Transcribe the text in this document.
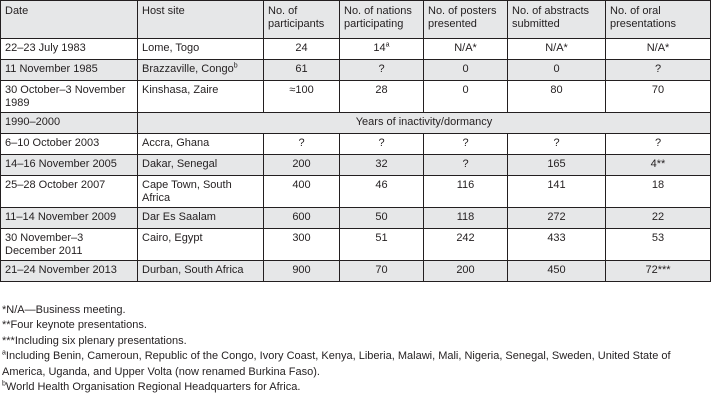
Date	Host site	No. of participants	No. of nations participating	No. of posters presented	No. of abstracts submitted	No. of oral presentations
22–23 July 1983	Lome, Togo	24	14$^a$	N/A*	N/A*	N/A*
11 November 1985	Brazzaville, Congo$^b$	61	?	0	0	?
30 October–3 November 1989	Kinshasa, Zaire	≈100	28	0	80	70
1990–2000	Years of inactivity/dormancy					
6–10 October 2003	Accra, Ghana	?	?	?	?	?
14–16 November 2005	Dakar, Senegal	200	32	?	165	4**
25–28 October 2007	Cape Town, South Africa	400	46	116	141	18
11–14 November 2009	Dar Es Saalam	600	50	118	272	22
30 November–3 December 2011	Cairo, Egypt	300	51	242	433	53
21–24 November 2013	Durban, South Africa	900	70	200	450	72***
*N/A—Business meeting.
**Four keynote presentations.
***Including six plenary presentations.
$^a$Including Benin, Cameroun, Republic of the Congo, Ivory Coast, Kenya, Liberia, Malawi, Mali, Nigeria, Senegal, Sweden, United State of America, Uganda, and Upper Volta (now renamed Burkina Faso).
$^b$World Health Organisation Regional Headquarters for Africa.
